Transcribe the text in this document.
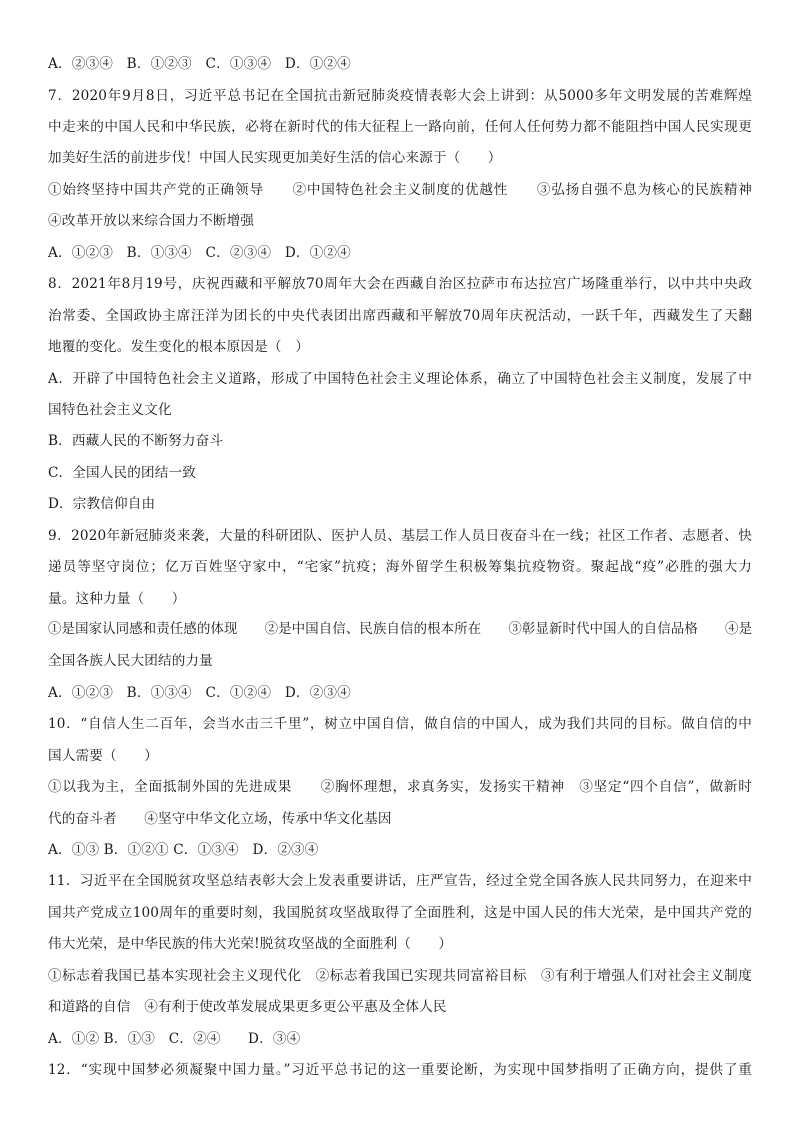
A．②③④　B．①②③　C．①③④　D．①②④
7．2020年9月8日，习近平总书记在全国抗击新冠肺炎疫情表彰大会上讲到：从5000多年文明发展的苦难辉煌
中走来的中国人民和中华民族，必将在新时代的伟大征程上一路向前，任何人任何势力都不能阻挡中国人民实现更
加美好生活的前进步伐！中国人民实现更加美好生活的信心来源于（　　）
①始终坚持中国共产党的正确领导　　②中国特色社会主义制度的优越性　　③弘扬自强不息为核心的民族精神
④改革开放以来综合国力不断增强
A．①②③　B．①③④　C．②③④　D．①②④
8．2021年8月19号，庆祝西藏和平解放70周年大会在西藏自治区拉萨市布达拉宫广场隆重举行，以中共中央政
治常委、全国政协主席汪洋为团长的中央代表团出席西藏和平解放70周年庆祝活动，一跃千年，西藏发生了天翻
地覆的变化。发生变化的根本原因是（　）
A．开辟了中国特色社会主义道路，形成了中国特色社会主义理论体系，确立了中国特色社会主义制度，发展了中
国特色社会主义文化
B．西藏人民的不断努力奋斗
C．全国人民的团结一致
D．宗教信仰自由
9．2020年新冠肺炎来袭，大量的科研团队、医护人员、基层工作人员日夜奋斗在一线；社区工作者、志愿者、快
递员等坚守岗位；亿万百姓坚守家中，“宅家”抗疫；海外留学生积极筹集抗疫物资。聚起战“疫”必胜的强大力
量。这种力量（　　）
①是国家认同感和责任感的体现　　②是中国自信、民族自信的根本所在　　③彰显新时代中国人的自信品格　　④是
全国各族人民大团结的力量
A．①②③　B．①③④　C．①②④　D．②③④
10．“自信人生二百年，会当水击三千里”，树立中国自信，做自信的中国人，成为我们共同的目标。做自信的中
国人需要（　　）
①以我为主，全面抵制外国的先进成果　　②胸怀理想，求真务实，发扬实干精神　③坚定“四个自信”，做新时
代的奋斗者　　④坚守中华文化立场，传承中华文化基因
A．①③ B．①②① C．①③④　D．②③④
11．习近平在全国脱贫攻坚总结表彰大会上发表重要讲话，庄严宣告，经过全党全国各族人民共同努力，在迎来中
国共产党成立100周年的重要时刻，我国脱贫攻坚战取得了全面胜利，这是中国人民的伟大光荣，是中国共产党的
伟大光荣，是中华民族的伟大光荣!脱贫攻坚战的全面胜利（　　）
①标志着我国已基本实现社会主义现代化　②标志着我国已实现共同富裕目标　③有利于增强人们对社会主义制度
和道路的自信　④有利于使改革发展成果更多更公平惠及全体人民
A．①② B．①③　C．②④　　D．③④
12．“实现中国梦必须凝聚中国力量。”习近平总书记的这一重要论断，为实现中国梦指明了正确方向，提供了重
